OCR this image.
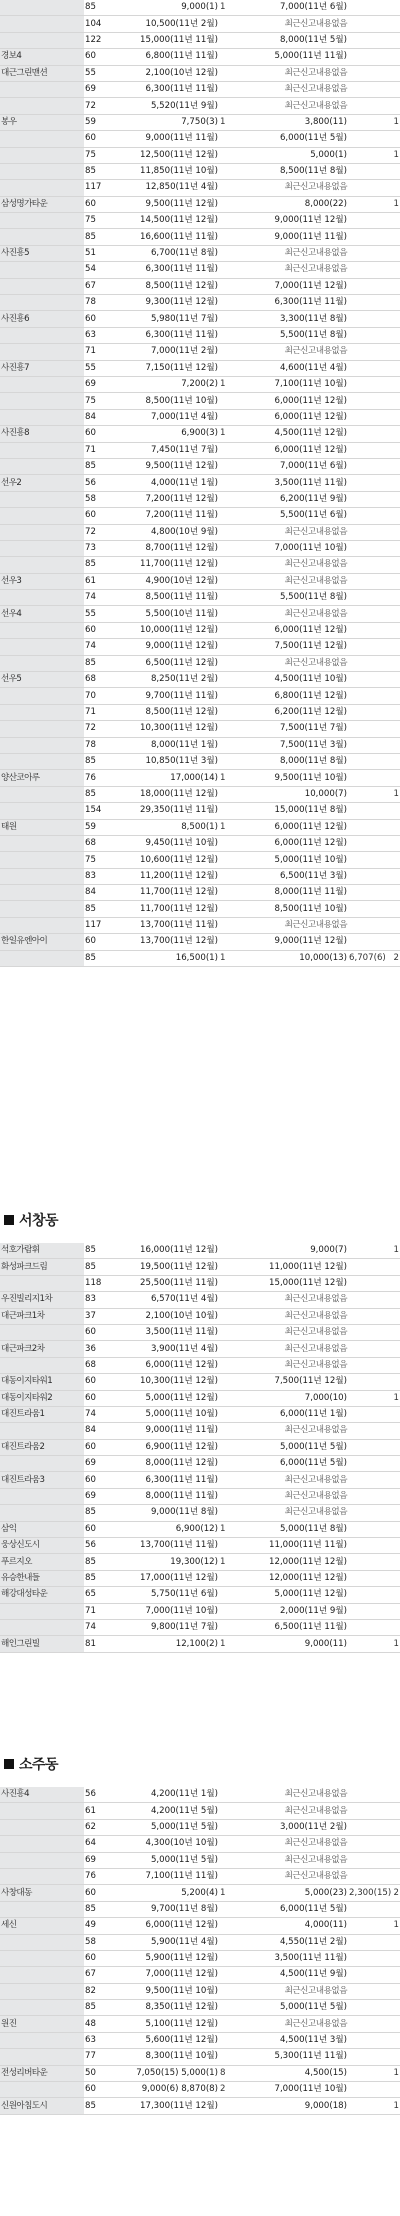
	85	9,000(1)	1	7,000(11년 6월)		
	104	10,500(11년 2월)		최근신고내용없음		
	122	15,000(11년 11월)		8,000(11년 5월)		
경보4	60	6,800(11년 11월)		5,000(11년 11월)		
대근그린맨션	55	2,100(10년 12월)		최근신고내용없음		
	69	6,300(11년 11월)		최근신고내용없음		
	72	5,520(11년 9월)		최근신고내용없음		
봉우	59	7,750(3)	1	3,800(11)		1
	60	9,000(11년 11월)		6,000(11년 5월)		
	75	12,500(11년 12월)		5,000(1)		1
	85	11,850(11년 10월)		8,500(11년 8월)		
	117	12,850(11년 4월)		최근신고내용없음		
삼성명가타운	60	9,500(11년 12월)		8,000(22)		1
	75	14,500(11년 12월)		9,000(11년 12월)		
	85	16,600(11년 11월)		9,000(11년 11월)		
사진흥5	51	6,700(11년 8월)		최근신고내용없음		
	54	6,300(11년 11월)		최근신고내용없음		
	67	8,500(11년 12월)		7,000(11년 12월)		
	78	9,300(11년 12월)		6,300(11년 11월)		
사진흥6	60	5,980(11년 7월)		3,300(11년 8월)		
	63	6,300(11년 11월)		5,500(11년 8월)		
	71	7,000(11년 2월)		최근신고내용없음		
사진흥7	55	7,150(11년 12월)		4,600(11년 4월)		
	69	7,200(2)	1	7,100(11년 10월)		
	75	8,500(11년 10월)		6,000(11년 12월)		
	84	7,000(11년 4월)		6,000(11년 12월)		
사진흥8	60	6,900(3)	1	4,500(11년 12월)		
	71	7,450(11년 7월)		6,000(11년 12월)		
	85	9,500(11년 12월)		7,000(11년 6월)		
선우2	56	4,000(11년 1월)		3,500(11년 11월)		
	58	7,200(11년 12월)		6,200(11년 9월)		
	60	7,200(11년 11월)		5,500(11년 6월)		
	72	4,800(10년 9월)		최근신고내용없음		
	73	8,700(11년 12월)		7,000(11년 10월)		
	85	11,700(11년 12월)		최근신고내용없음		
선우3	61	4,900(10년 12월)		최근신고내용없음		
	74	8,500(11년 11월)		5,500(11년 8월)		
선우4	55	5,500(10년 11월)		최근신고내용없음		
	60	10,000(11년 12월)		6,000(11년 12월)		
	74	9,000(11년 12월)		7,500(11년 12월)		
	85	6,500(11년 12월)		최근신고내용없음		
선우5	68	8,250(11년 2월)		4,500(11년 10월)		
	70	9,700(11년 11월)		6,800(11년 12월)		
	71	8,500(11년 12월)		6,200(11년 12월)		
	72	10,300(11년 12월)		7,500(11년 7월)		
	78	8,000(11년 1월)		7,500(11년 3월)		
	85	10,850(11년 3월)		8,000(11년 8월)		
양산코아루	76	17,000(14)	1	9,500(11년 10월)		
	85	18,000(11년 12월)		10,000(7)		1
	154	29,350(11년 11월)		15,000(11년 8월)		
태원	59	8,500(1)	1	6,000(11년 12월)		
	68	9,450(11년 10월)		6,000(11년 12월)		
	75	10,600(11년 12월)		5,000(11년 10월)		
	83	11,200(11년 12월)		6,500(11년 3월)		
	84	11,700(11년 12월)		8,000(11년 11월)		
	85	11,700(11년 12월)		8,500(11년 10월)		
	117	13,700(11년 11월)		최근신고내용없음		
한일유엔아이	60	13,700(11년 12월)		9,000(11년 12월)		
	85	16,500(1)	1	10,000(13)	6,707(6)	2
서창동
석호가람휘	85	16,000(11년 12월)		9,000(7)		1
화성파크드림	85	19,500(11년 12월)		11,000(11년 12월)		
	118	25,500(11년 11월)		15,000(11년 12월)		
우진빌리지1차	83	6,570(11년 4월)		최근신고내용없음		
대근파크1차	37	2,100(10년 10월)		최근신고내용없음		
	60	3,500(11년 11월)		최근신고내용없음		
대근파크2차	36	3,900(11년 4월)		최근신고내용없음		
	68	6,000(11년 12월)		최근신고내용없음		
대동이지타워1	60	10,300(11년 12월)		7,500(11년 12월)		
대동이지타워2	60	5,000(11년 12월)		7,000(10)		1
대진트라움1	74	5,000(11년 10월)		6,000(11년 1월)		
	84	9,000(11년 11월)		최근신고내용없음		
대진트라움2	60	6,900(11년 12월)		5,000(11년 5월)		
	69	8,000(11년 12월)		6,000(11년 5월)		
대진트라움3	60	6,300(11년 11월)		최근신고내용없음		
	69	8,000(11년 11월)		최근신고내용없음		
	85	9,000(11년 8월)		최근신고내용없음		
삼익	60	6,900(12)	1	5,000(11년 8월)		
웅상신도시	56	13,700(11년 11월)		11,000(11년 11월)		
푸르지오	85	19,300(12)	1	12,000(11년 12월)		
유승한내들	85	17,000(11년 12월)		12,000(11년 12월)		
해강대성타운	65	5,750(11년 6월)		5,000(11년 12월)		
	71	7,000(11년 10월)		2,000(11년 9월)		
	74	9,800(11년 7월)		6,500(11년 11월)		
해인그린빌	81	12,100(2)	1	9,000(11)		1
소주동
사진흥4	56	4,200(11년 1월)		최근신고내용없음		
	61	4,200(11년 5월)		최근신고내용없음		
	62	5,000(11년 5월)		3,000(11년 2월)		
	64	4,300(10년 10월)		최근신고내용없음		
	69	5,000(11년 5월)		최근신고내용없음		
	76	7,100(11년 11월)		최근신고내용없음		
사창대동	60	5,200(4)	1	5,000(23)	2,300(15)	2
	85	9,700(11년 8월)		6,000(11년 5월)		
세신	49	6,000(11년 12월)		4,000(11)		1
	58	5,900(11년 4월)		4,550(11년 2월)		
	60	5,900(11년 12월)		3,500(11년 11월)		
	67	7,000(11년 12월)		4,500(11년 9월)		
	82	9,500(11년 10월)		최근신고내용없음		
	85	8,350(11년 12월)		5,000(11년 5월)		
원진	48	5,100(11년 12월)		최근신고내용없음		
	63	5,600(11년 12월)		4,500(11년 3월)		
	77	8,300(11년 10월)		5,300(11년 11월)		
전성리버타운	50	7,050(15) 5,000(1)	8	4,500(15)		1
	60	9,000(6) 8,870(8)	2	7,000(11년 10월)		
신원아침도시	85	17,300(11년 12월)		9,000(18)		1
